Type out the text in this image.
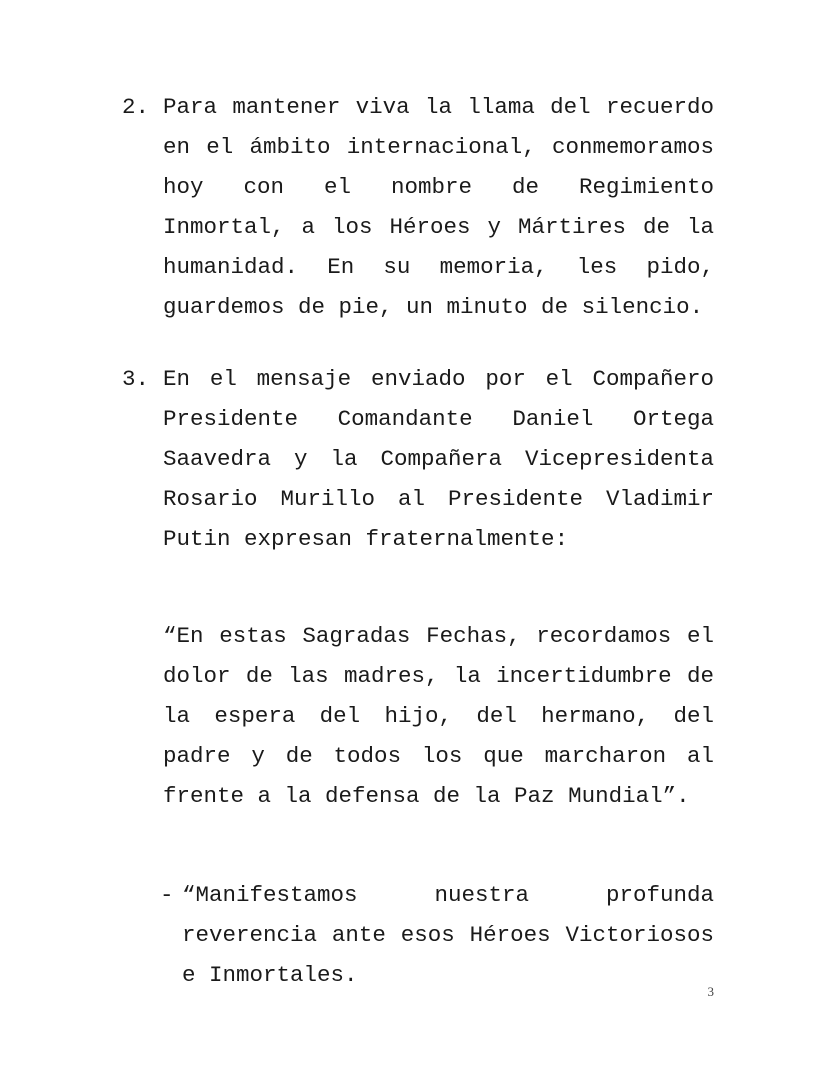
2. Para mantener viva la llama del recuerdo en el ámbito internacional, conmemoramos hoy con el nombre de Regimiento Inmortal, a los Héroes y Mártires de la humanidad. En su memoria, les pido, guardemos de pie, un minuto de silencio.
3. En el mensaje enviado por el Compañero Presidente Comandante Daniel Ortega Saavedra y la Compañera Vicepresidenta Rosario Murillo al Presidente Vladimir Putin expresan fraternalmente:
“En estas Sagradas Fechas, recordamos el dolor de las madres, la incertidumbre de la espera del hijo, del hermano, del padre y de todos los que marcharon al frente a la defensa de la Paz Mundial”.
- “Manifestamos nuestra profunda reverencia ante esos Héroes Victoriosos e Inmortales.
3
